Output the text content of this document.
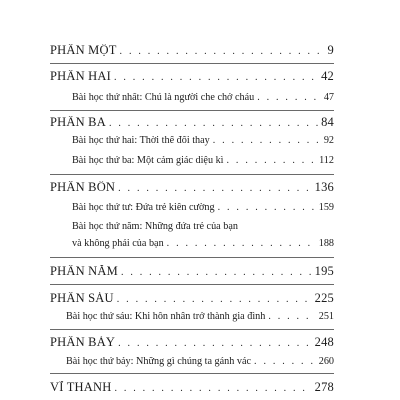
PHẦN MỘT . . .	9
PHẦN HAI . . .	42
Bài học thứ nhất: Chú là người che chở cháu . . .	47
PHẦN BA . . .	84
Bài học thứ hai: Thời thế đổi thay . . .	92
Bài học thứ ba: Một cảm giác diệu kì . . .	112
PHẦN BỐN . . .	136
Bài học thứ tư: Đứa trẻ kiên cường . . .	159
Bài học thứ năm: Những đứa trẻ của bạn
và không phải của bạn . . .	188
PHẦN NĂM . . .	195
PHẦN SÁU . . .	225
Bài học thứ sáu: Khi hôn nhân trở thành gia đình . . .	251
PHẦN BẢY . . .	248
Bài học thứ bảy: Những gì chúng ta gánh vác . . .	260
VĨ THANH . . .	278
